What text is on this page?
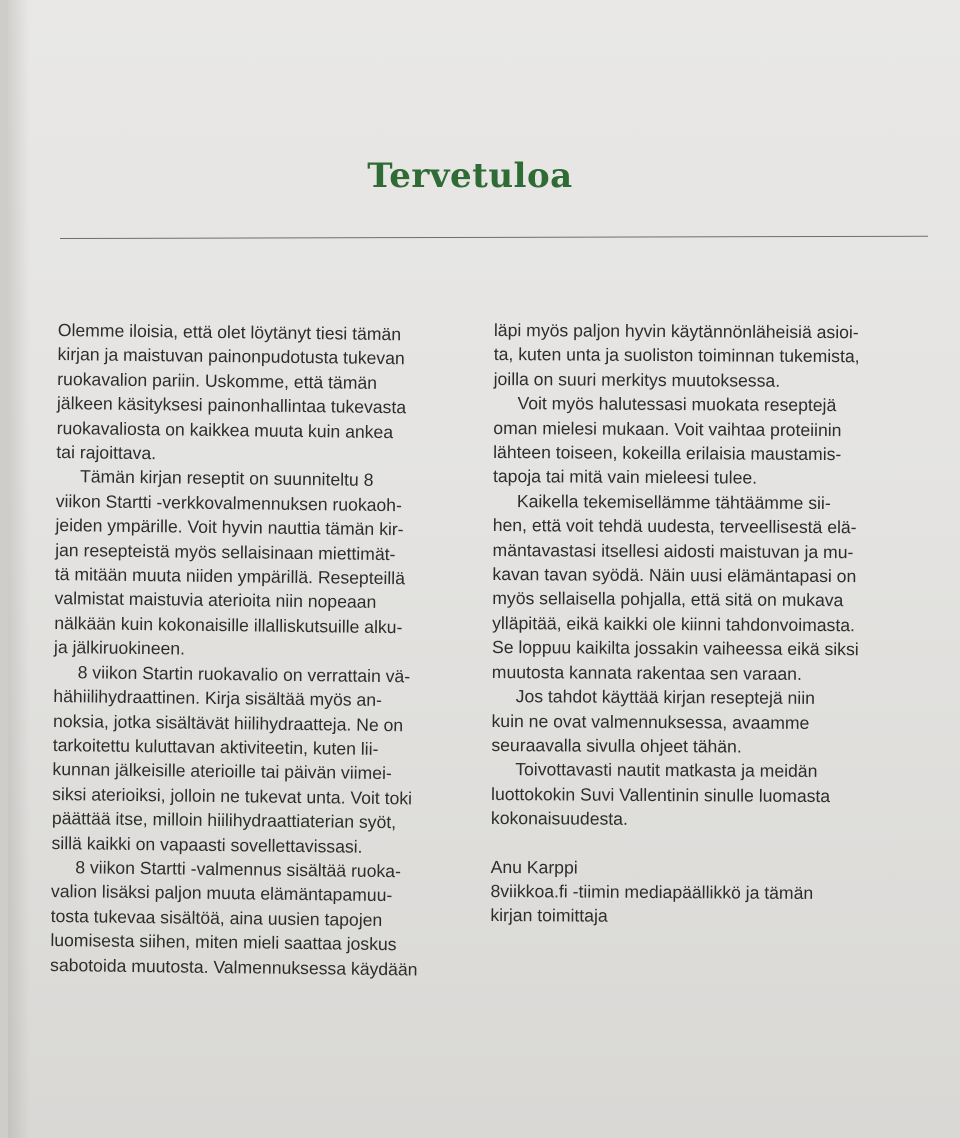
Tervetuloa

Olemme iloisia, että olet löytänyt tiesi tämän
kirjan ja maistuvan painonpudotusta tukevan
ruokavalion pariin. Uskomme, että tämän
jälkeen käsityksesi painonhallintaa tukevasta
ruokavaliosta on kaikkea muuta kuin ankea
tai rajoittava.

Tämän kirjan reseptit on suunniteltu 8
viikon Startti -verkkovalmennuksen ruokaoh-
jeiden ympärille. Voit hyvin nauttia tämän kir-
jan resepteistä myös sellaisinaan miettimät-
tä mitään muuta niiden ympärillä. Resepteillä
valmistat maistuvia aterioita niin nopeaan
nälkään kuin kokonaisille illalliskutsuille alku-
ja jälkiruokineen.

8 viikon Startin ruokavalio on verrattain vä-
hähiilihydraattinen. Kirja sisältää myös an-
noksia, jotka sisältävät hiilihydraatteja. Ne on
tarkoitettu kuluttavan aktiviteetin, kuten lii-
kunnan jälkeisille aterioille tai päivän viimei-
siksi aterioiksi, jolloin ne tukevat unta. Voit toki
päättää itse, milloin hiilihydraattiaterian syöt,
sillä kaikki on vapaasti sovellettavissasi.

8 viikon Startti -valmennus sisältää ruoka-
valion lisäksi paljon muuta elämäntapamuu-
tosta tukevaa sisältöä, aina uusien tapojen
luomisesta siihen, miten mieli saattaa joskus
sabotoida muutosta. Valmennuksessa käydään

läpi myös paljon hyvin käytännönläheisiä asioi-
ta, kuten unta ja suoliston toiminnan tukemista,
joilla on suuri merkitys muutoksessa.

Voit myös halutessasi muokata reseptejä
oman mielesi mukaan. Voit vaihtaa proteiinin
lähteen toiseen, kokeilla erilaisia maustamis-
tapoja tai mitä vain mieleesi tulee.

Kaikella tekemisellämme tähtäämme sii-
hen, että voit tehdä uudesta, terveellisestä elä-
mäntavastasi itsellesi aidosti maistuvan ja mu-
kavan tavan syödä. Näin uusi elämäntapasi on
myös sellaisella pohjalla, että sitä on mukava
ylläpitää, eikä kaikki ole kiinni tahdonvoimasta.
Se loppuu kaikilta jossakin vaiheessa eikä siksi
muutosta kannata rakentaa sen varaan.

Jos tahdot käyttää kirjan reseptejä niin
kuin ne ovat valmennuksessa, avaamme
seuraavalla sivulla ohjeet tähän.

Toivottavasti nautit matkasta ja meidän
luottokokin Suvi Vallentinin sinulle luomasta
kokonaisuudesta.

Anu Karppi
8viikkoa.fi -tiimin mediapäällikkö ja tämän
kirjan toimittaja
